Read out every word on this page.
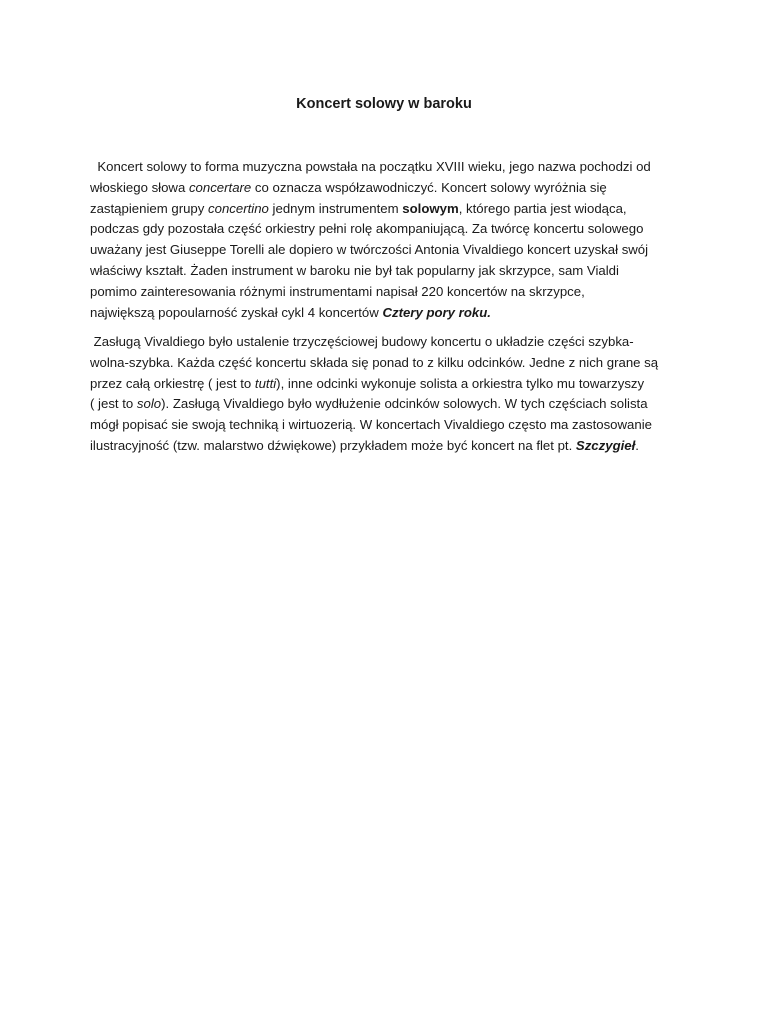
Koncert solowy w baroku
Koncert solowy to forma muzyczna powstała na początku XVIII wieku, jego nazwa pochodzi od
włoskiego słowa concertare co oznacza współzawodniczyć. Koncert solowy wyróżnia się
zastąpieniem grupy concertino jednym instrumentem solowym, którego partia jest wiodąca,
podczas gdy pozostała część orkiestry pełni rolę akompaniującą. Za twórcę koncertu solowego
uważany jest Giuseppe Torelli ale dopiero w twórczości Antonia Vivaldiego koncert uzyskał swój
właściwy kształt. Żaden instrument w baroku nie był tak popularny jak skrzypce, sam Vialdi
pomimo zainteresowania różnymi instrumentami napisał 220 koncertów na skrzypce,
największą popoularność zyskał cykl 4 koncertów Cztery pory roku.
Zasługą Vivaldiego było ustalenie trzyczęściowej budowy koncertu o układzie części szybka-
wolna-szybka. Każda część koncertu składa się ponad to z kilku odcinków. Jedne z nich grane są
przez całą orkiestrę ( jest to tutti), inne odcinki wykonuje solista a orkiestra tylko mu towarzyszy
( jest to solo). Zasługą Vivaldiego było wydłużenie odcinków solowych. W tych częściach solista
mógł popisać sie swoją techniką i wirtuozerią. W koncertach Vivaldiego często ma zastosowanie
ilustracyjność (tzw. malarstwo dźwiękowe) przykładem może być koncert na flet pt. Szczygieł.
